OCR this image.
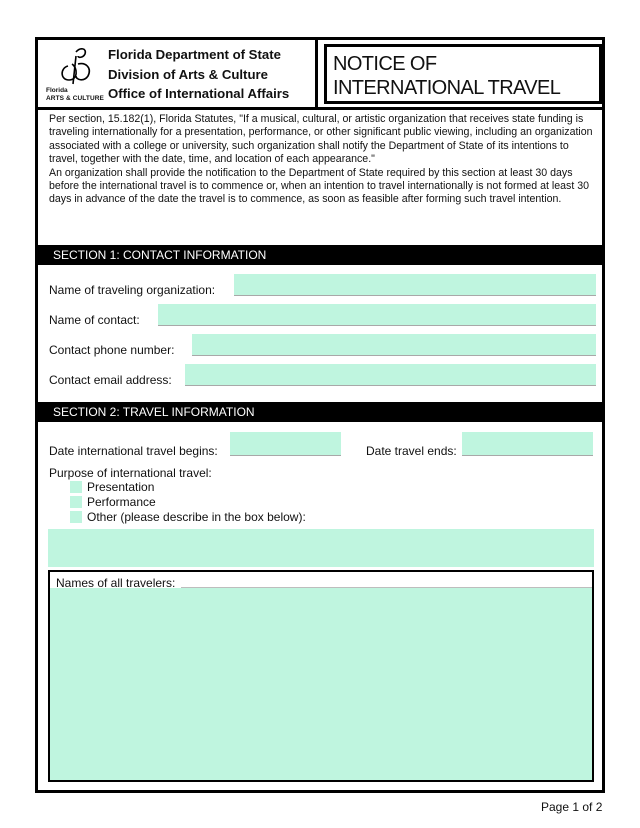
Florida
ARTS & CULTURE
Florida Department of State
Division of Arts & Culture
Office of International Affairs
NOTICE OF
INTERNATIONAL TRAVEL

Per section, 15.182(1), Florida Statutes, "If a musical, cultural, or artistic organization that receives state funding is traveling internationally for a presentation, performance, or other significant public viewing, including an organization associated with a college or university, such organization shall notify the Department of State of its intentions to travel, together with the date, time, and location of each appearance."

An organization shall provide the notification to the Department of State required by this section at least 30 days before the international travel is to commence or, when an intention to travel internationally is not formed at least 30 days in advance of the date the travel is to commence, as soon as feasible after forming such travel intention.

SECTION 1: CONTACT INFORMATION
Name of traveling organization:
Name of contact:
Contact phone number:
Contact email address:
SECTION 2: TRAVEL INFORMATION
Date international travel begins:	Date travel ends:
Purpose of international travel:
Presentation
Performance
Other (please describe in the box below):
Names of all travelers:
Page 1 of 2
